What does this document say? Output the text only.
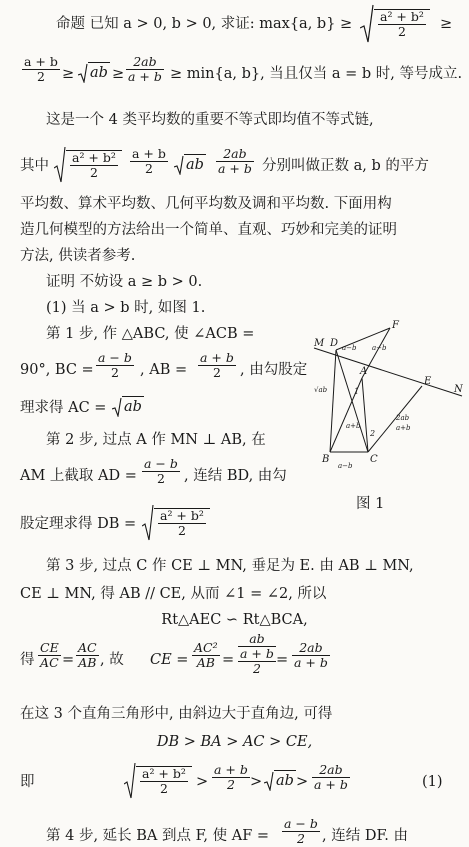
命题 已知 a > 0, b > 0, 求证: max{a, $b\} \ge \frac{\text{a² + b²}}{2}$ ≥
$\frac{a + b}{2}$ ≥	ab ≥ $\frac{2ab}{a + b} \ge \min\{a$, b}, 当且仅当 a = b 时, 等号成立.
这是一个 4 类平均数的重要不等式即均值不等式链,
其中 $\frac{\text{a² + b²}}{2} \frac{a + b}{2}$	ab $\frac{2ab}{a + b}$ 分别叫做正数 a, b 的平方
平均数、算术平均数、几何平均数及调和平均数. 下面用构
造几何模型的方法给出一个简单、直观、巧妙和完美的证明
方法, 供读者参考.
证明 不妨设 a ≥ b > 0.
(1) 当 a > b 时, 如图 1.
第 1 步, 作 △ABC, 使 ∠ACB =
90°, BC = $\frac{a - b}{2}$ , AB = $\frac{a + b}{2}$ , 由勾股定
理求得 AC =	ab
第 2 步, 过点 A 作 MN ⊥ AB, 在
AM 上截取 AD = $\frac{a - b}{2}$ , 连结 BD, 由勾
股定理求得 DB = $\frac{\text{a² + b²}}{2}$
M D
F
A
E
N
B	C
1
2
a−b a−b
√ab
a+b
a−b
2ab
a+b
图 1
第 3 步, 过点 C 作 CE ⊥ MN, 垂足为 E. 由 AB ⊥ MN,
CE ⊥ MN, 得 AB // CE, 从而 ∠1 = ∠2, 所以
Rt△AEC ∽ Rt△BCA,
得 $\frac{CE}{AC} = \frac{AC}{AB}$ , 故 CE = $\frac{\text{AC²}}{AB}$ =
ab
a + b
2
= $\frac{2ab}{a + b}$
在这 3 个直角三角形中, 由斜边大于直角边, 可得
DB > BA > AC > CE,
即	$\frac{\text{a² + b²}}{2} > \frac{a + b}{2}$ > ab > $\frac{2ab}{a + b}$	(1)
第 4 步, 延长 BA 到点 F, 使 AF = $\frac{a - b}{2}$ , 连结 DF. 由
